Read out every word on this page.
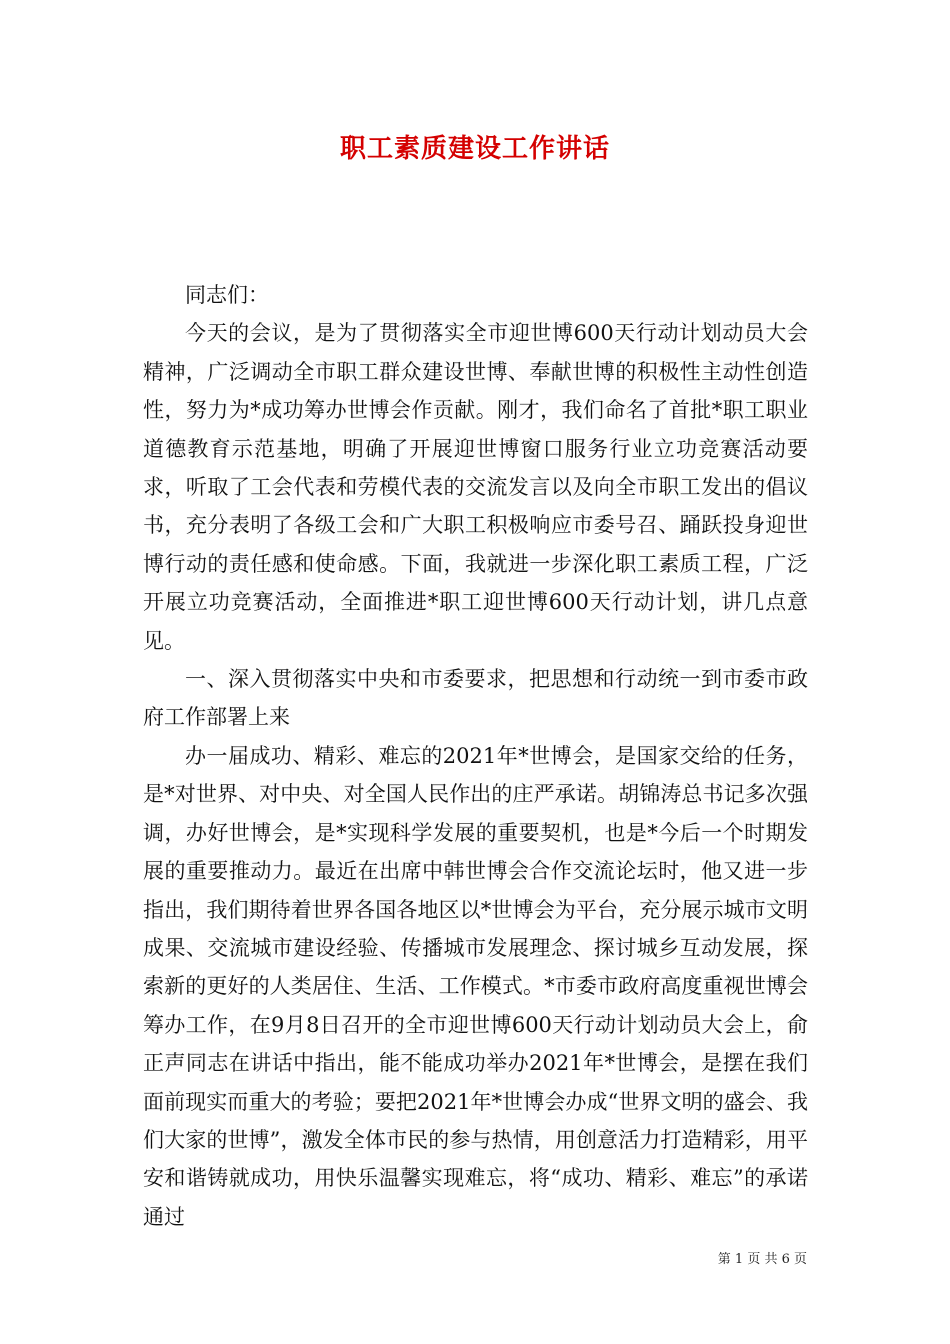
职工素质建设工作讲话

同志们：

今天的会议，是为了贯彻落实全市迎世博600天行动计划动员大会精神，广泛调动全市职工群众建设世博、奉献世博的积极性主动性创造性，努力为*成功筹办世博会作贡献。刚才，我们命名了首批*职工职业道德教育示范基地，明确了开展迎世博窗口服务行业立功竞赛活动要求，听取了工会代表和劳模代表的交流发言以及向全市职工发出的倡议书，充分表明了各级工会和广大职工积极响应市委号召、踊跃投身迎世博行动的责任感和使命感。下面，我就进一步深化职工素质工程，广泛开展立功竞赛活动，全面推进*职工迎世博600天行动计划，讲几点意见。

一、深入贯彻落实中央和市委要求，把思想和行动统一到市委市政府工作部署上来

办一届成功、精彩、难忘的2021年*世博会，是国家交给的任务，是*对世界、对中央、对全国人民作出的庄严承诺。胡锦涛总书记多次强调，办好世博会，是*实现科学发展的重要契机，也是*今后一个时期发展的重要推动力。最近在出席中韩世博会合作交流论坛时，他又进一步指出，我们期待着世界各国各地区以*世博会为平台，充分展示城市文明成果、交流城市建设经验、传播城市发展理念、探讨城乡互动发展，探索新的更好的人类居住、生活、工作模式。*市委市政府高度重视世博会筹办工作，在9月8日召开的全市迎世博600天行动计划动员大会上，俞正声同志在讲话中指出，能不能成功举办2021年*世博会，是摆在我们面前现实而重大的考验；要把2021年*世博会办成“世界文明的盛会、我们大家的世博”，激发全体市民的参与热情，用创意活力打造精彩，用平安和谐铸就成功，用快乐温馨实现难忘，将“成功、精彩、难忘”的承诺通过

第 1 页 共 6 页
